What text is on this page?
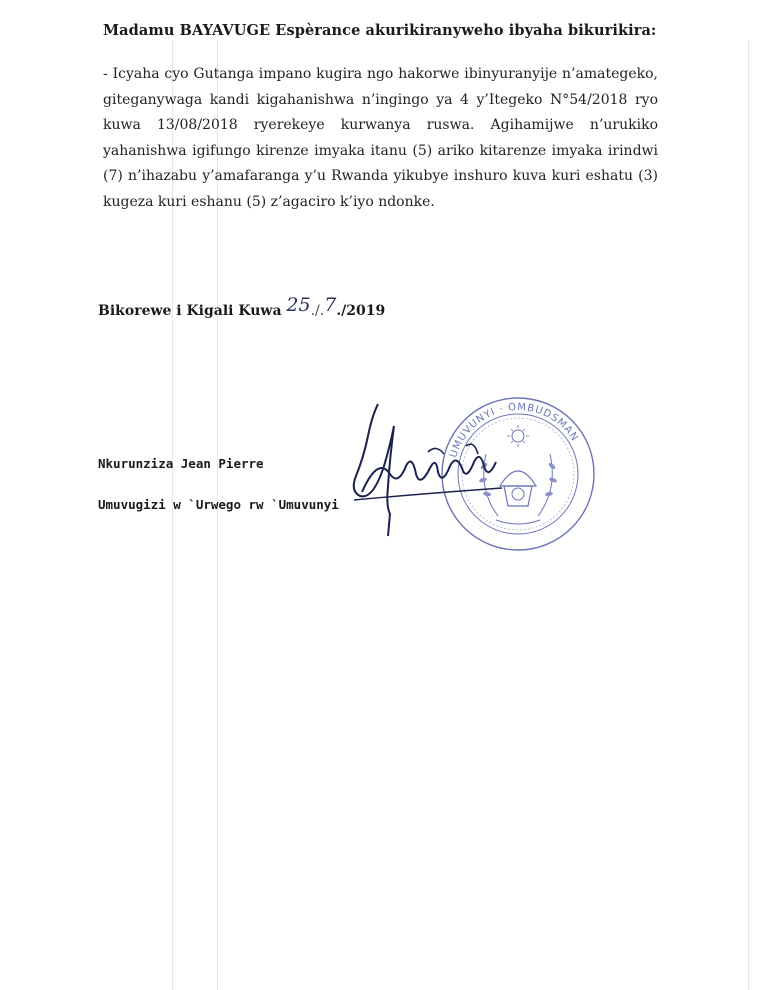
Madamu BAYAVUGE Espèrance akurikiranyweho ibyaha bikurikira:
- Icyaha cyo Gutanga impano kugira ngo hakorwe ibinyuranyije n’amategeko, giteganywaga kandi kigahanishwa n’ingingo ya 4 y’Itegeko N°54/2018 ryo kuwa 13/08/2018 ryerekeye kurwanya ruswa. Agihamijwe n’urukiko yahanishwa igifungo kirenze imyaka itanu (5) ariko kitarenze imyaka irindwi (7) n’ihazabu y’amafaranga y’u Rwanda yikubye inshuro kuva kuri eshatu (3) kugeza kuri eshanu (5) z’agaciro k’iyo ndonke.
Bikorewe i Kigali Kuwa 25./.7./2019
UMUVUNYI · OMBUDSMAN
Nkurunziza Jean Pierre
Umuvugizi w `Urwego rw `Umuvunyi
